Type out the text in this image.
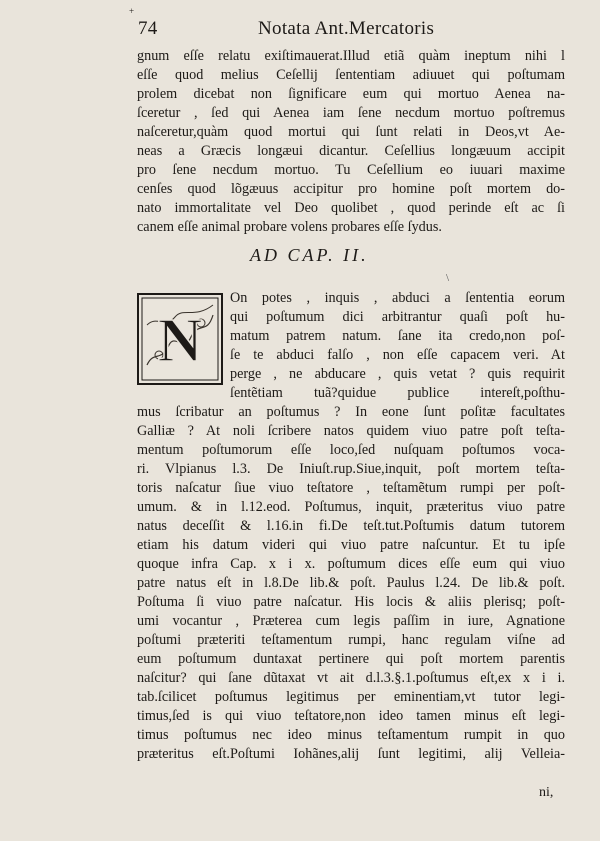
+
74	Notata Ant.Mercatoris
gnum eſſe relatu exiſtimauerat.Illud etiã quàm ineptum nihi l
eſſe quod melius Ceſellij ſententiam adiuuet qui poſtumam
prolem dicebat non ſignificare eum qui mortuo Aenea na-
ſceretur , ſed qui Aenea iam ſene necdum mortuo poſtremus
naſceretur,quàm quod mortui qui ſunt relati in Deos,vt Ae-
neas a Græcis longæui dicantur. Ceſellius longæuum accipit
pro ſene necdum mortuo. Tu Ceſellium eo iuuari maxime
cenſes quod lõgæuus accipitur pro homine poſt mortem do-
nato immortalitate vel Deo quolibet , quod perinde eſt ac ſi
canem eſſe animal probare volens probares eſſe ſydus.
AD CAP. II.
\
N
On potes , inquis , abduci a ſententia eorum
qui poſtumum dici arbitrantur quaſi poſt hu-
matum patrem natum. ſane ita credo,non poſ-
ſe te abduci falſo , non eſſe capacem veri. At
perge , ne abducare , quis vetat ? quis requirit
ſentẽtiam tuã?quidue publice intereſt,poſthu-
mus ſcribatur an poſtumus ? In eone ſunt poſitæ facultates
Galliæ ? At noli ſcribere natos quidem viuo patre poſt teſta-
mentum poſtumorum eſſe loco,ſed nuſquam poſtumos voca-
ri. Vlpianus l.3. De Iniuſt.rup.Siue,inquit, poſt mortem teſta-
toris naſcatur ſiue viuo teſtatore , teſtamẽtum rumpi per poſt-
umum. & in l.12.eod. Poſtumus, inquit, præteritus viuo patre
natus deceſſit & l.16.in fi.De teſt.tut.Poſtumis datum tutorem
etiam his datum videri qui viuo patre naſcuntur. Et tu ipſe
quoque infra Cap. x i x. poſtumum dices eſſe eum qui viuo
patre natus eſt in l.8.De lib.& poſt. Paulus l.24. De lib.& poſt.
Poſtuma ſi viuo patre naſcatur. His locis & aliis plerisq; poſt-
umi vocantur , Præterea cum legis paſſim in iure, Agnatione
poſtumi præteriti teſtamentum rumpi, hanc regulam viſne ad
eum poſtumum duntaxat pertinere qui poſt mortem parentis
naſcitur? qui ſane dũtaxat vt ait d.l.3.§.1.poſtumus eſt,ex x i i.
tab.ſcilicet poſtumus legitimus per eminentiam,vt tutor legi-
timus,ſed is qui viuo teſtatore,non ideo tamen minus eſt legi-
timus poſtumus nec ideo minus teſtamentum rumpit in quo
præteritus eſt.Poſtumi Iohãnes,alij ſunt legitimi, alij Velleia-
ni,
